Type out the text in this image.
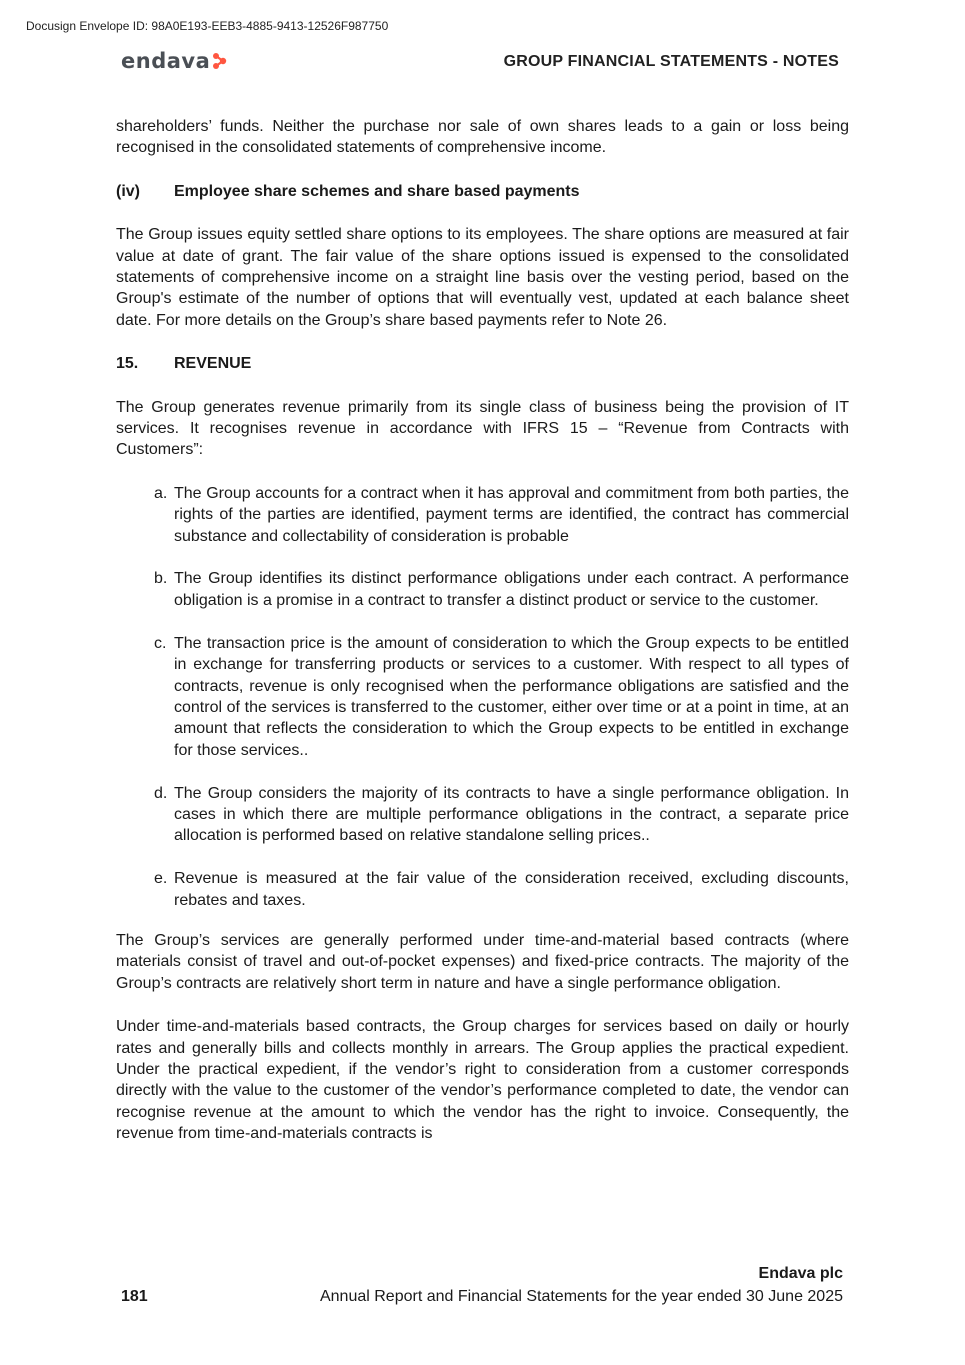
Docusign Envelope ID: 98A0E193-EEB3-4885-9413-12526F987750
endava	GROUP FINANCIAL STATEMENTS - NOTES

shareholders’ funds. Neither the purchase nor sale of own shares leads to a gain or loss being recognised in the consolidated statements of comprehensive income.

(iv)	Employee share schemes and share based payments

The Group issues equity settled share options to its employees. The share options are measured at fair value at date of grant. The fair value of the share options issued is expensed to the consolidated statements of comprehensive income on a straight line basis over the vesting period, based on the Group's estimate of the number of options that will eventually vest, updated at each balance sheet date. For more details on the Group’s share based payments refer to Note 26.

15.	REVENUE

The Group generates revenue primarily from its single class of business being the provision of IT services. It recognises revenue in accordance with IFRS 15 – “Revenue from Contracts with Customers”:

a. The Group accounts for a contract when it has approval and commitment from both parties, the rights of the parties are identified, payment terms are identified, the contract has commercial substance and collectability of consideration is probable
b. The Group identifies its distinct performance obligations under each contract. A performance obligation is a promise in a contract to transfer a distinct product or service to the customer.
c. The transaction price is the amount of consideration to which the Group expects to be entitled in exchange for transferring products or services to a customer. With respect to all types of contracts, revenue is only recognised when the performance obligations are satisfied and the control of the services is transferred to the customer, either over time or at a point in time, at an amount that reflects the consideration to which the Group expects to be entitled in exchange for those services..
d. The Group considers the majority of its contracts to have a single performance obligation. In cases in which there are multiple performance obligations in the contract, a separate price allocation is performed based on relative standalone selling prices..
e. Revenue is measured at the fair value of the consideration received, excluding discounts, rebates and taxes.

The Group’s services are generally performed under time-and-material based contracts (where materials consist of travel and out-of-pocket expenses) and fixed-price contracts. The majority of the Group’s contracts are relatively short term in nature and have a single performance obligation.

Under time-and-materials based contracts, the Group charges for services based on daily or hourly rates and generally bills and collects monthly in arrears. The Group applies the practical expedient. Under the practical expedient, if the vendor’s right to consideration from a customer corresponds directly with the value to the customer of the vendor’s performance completed to date, the vendor can recognise revenue at the amount to which the vendor has the right to invoice. Consequently, the revenue from time-and-materials contracts is

Endava plc
181	Annual Report and Financial Statements for the year ended 30 June 2025
